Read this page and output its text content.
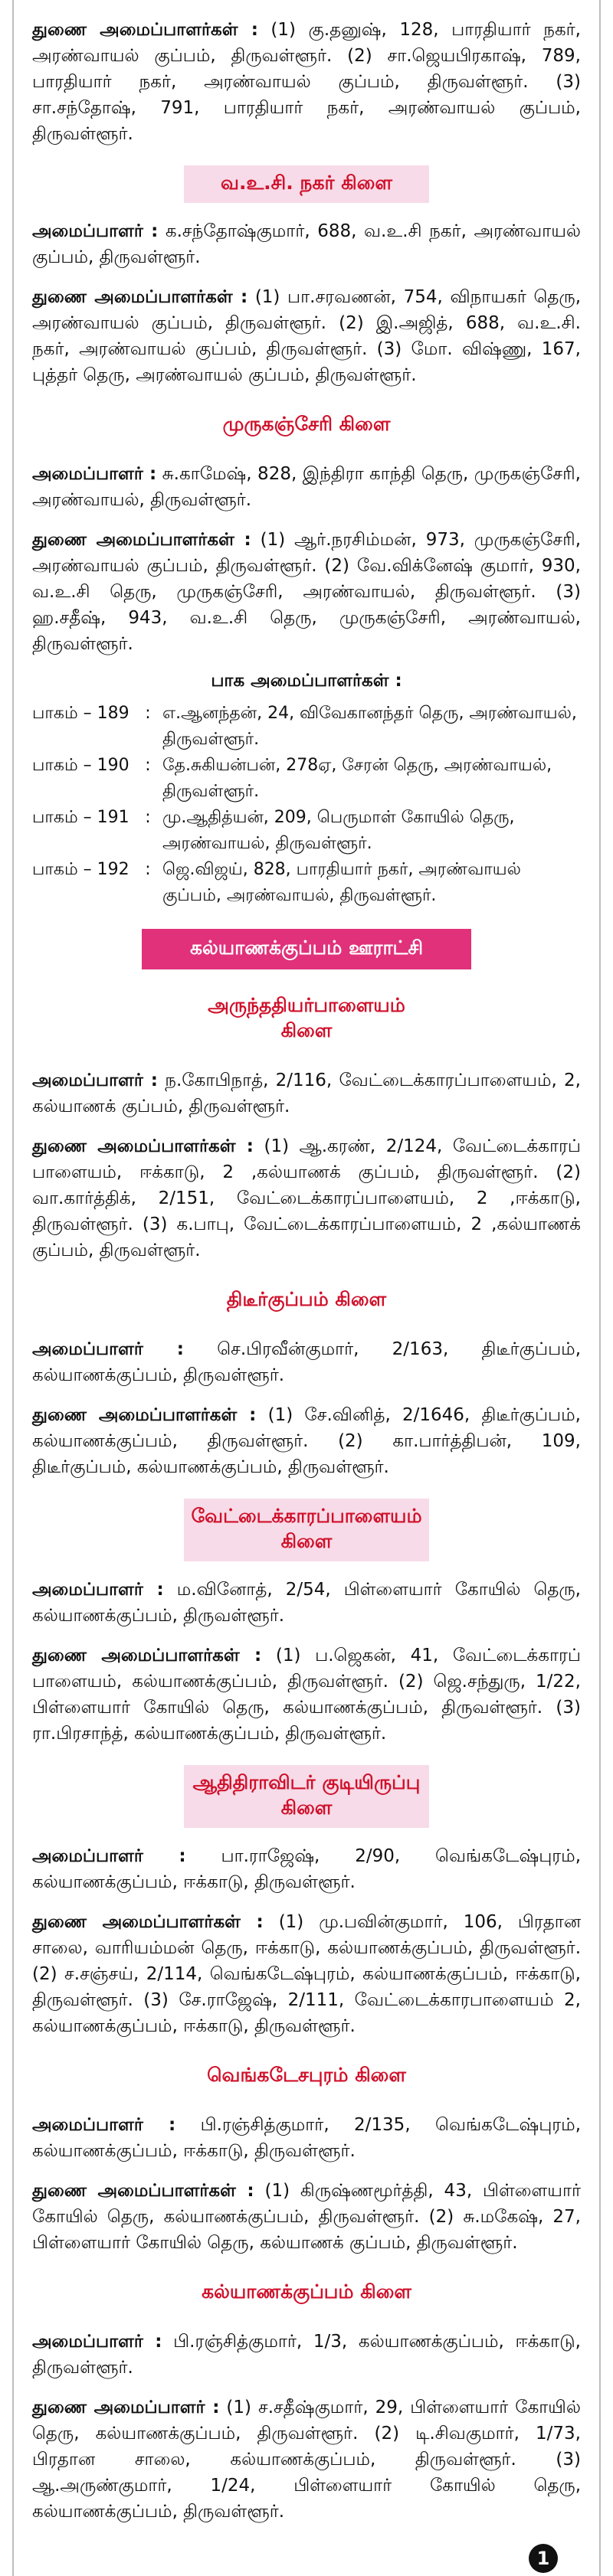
துணை அமைப்பாளர்கள் : (1) கு.தனுஷ், 128, பாரதியார் நகர், அரண்வாயல் குப்பம், திருவள்ளூர். (2) சா.ஜெயபிரகாஷ், 789, பாரதியார் நகர், அரண்வாயல் குப்பம், திருவள்ளூர். (3) சா.சந்தோஷ், 791, பாரதியார் நகர், அரண்வாயல் குப்பம், திருவள்ளூர்.

வ.உ.சி. நகர் கிளை

அமைப்பாளர் : க.சந்தோஷ்குமார், 688, வ.உ.சி நகர், அரண்வாயல் குப்பம், திருவள்ளூர்.

துணை அமைப்பாளர்கள் : (1) பா.சரவணன், 754, விநாயகர் தெரு, அரண்வாயல் குப்பம், திருவள்ளூர். (2) இ.அஜித், 688, வ.உ.சி. நகர், அரண்வாயல் குப்பம், திருவள்ளூர். (3) மோ. விஷ்ணு, 167, புத்தர் தெரு, அரண்வாயல் குப்பம், திருவள்ளூர்.

முருகஞ்சேரி கிளை

அமைப்பாளர் : சு.காமேஷ், 828, இந்திரா காந்தி தெரு, முருகஞ்சேரி, அரண்வாயல், திருவள்ளூர்.

துணை அமைப்பாளர்கள் : (1) ஆர்.நரசிம்மன், 973, முருகஞ்சேரி, அரண்வாயல் குப்பம், திருவள்ளூர். (2) வே.விக்னேஷ் குமார், 930, வ.உ.சி தெரு, முருகஞ்சேரி, அரண்வாயல், திருவள்ளூர். (3) ஹ.சதீஷ், 943, வ.உ.சி தெரு, முருகஞ்சேரி, அரண்வாயல், திருவள்ளூர்.

பாக அமைப்பாளர்கள் :
பாகம் – 189 : எ.ஆனந்தன், 24, விவேகானந்தர் தெரு, அரண்வாயல், திருவள்ளூர்.
பாகம் – 190 : தே.சுகியன்பன், 278ஏ, சேரன் தெரு, அரண்வாயல், திருவள்ளூர்.
பாகம் – 191 : மு.ஆதித்யன், 209, பெருமாள் கோயில் தெரு, அரண்வாயல், திருவள்ளூர்.
பாகம் – 192 : ஜெ.விஜய், 828, பாரதியார் நகர், அரண்வாயல் குப்பம், அரண்வாயல், திருவள்ளூர்.
கல்யாணக்குப்பம் ஊராட்சி
அருந்ததியர்பாளையம் கிளை

அமைப்பாளர் : ந.கோபிநாத், 2/116, வேட்டைக்காரப்பாளையம், 2, கல்யாணக் குப்பம், திருவள்ளூர்.

துணை அமைப்பாளர்கள் : (1) ஆ.கரண், 2/124, வேட்டைக்காரப் பாளையம், ஈக்காடு, 2 ,கல்யாணக் குப்பம், திருவள்ளூர். (2) வா.கார்த்திக், 2/151, வேட்டைக்காரப்பாளையம், 2 ,ஈக்காடு, திருவள்ளூர். (3) க.பாபு, வேட்டைக்காரப்பாளையம், 2 ,கல்யாணக் குப்பம், திருவள்ளூர்.

திடீர்குப்பம் கிளை

அமைப்பாளர் : செ.பிரவீன்குமார், 2/163, திடீர்குப்பம், கல்யாணக்குப்பம், திருவள்ளூர்.

துணை அமைப்பாளர்கள் : (1) சே.வினித், 2/1646, திடீர்குப்பம், கல்யாணக்குப்பம், திருவள்ளூர். (2) கா.பார்த்திபன், 109, திடீர்குப்பம், கல்யாணக்குப்பம், திருவள்ளூர்.

வேட்டைக்காரப்பாளையம் கிளை

அமைப்பாளர் : ம.வினோத், 2/54, பிள்ளையார் கோயில் தெரு, கல்யாணக்குப்பம், திருவள்ளூர்.

துணை அமைப்பாளர்கள் : (1) ப.ஜெகன், 41, வேட்டைக்காரப் பாளையம், கல்யாணக்குப்பம், திருவள்ளூர். (2) ஜெ.சந்துரு, 1/22, பிள்ளையார் கோயில் தெரு, கல்யாணக்குப்பம், திருவள்ளூர். (3) ரா.பிரசாந்த், கல்யாணக்குப்பம், திருவள்ளூர்.

ஆதிதிராவிடர் குடியிருப்பு கிளை

அமைப்பாளர் : பா.ராஜேஷ், 2/90, வெங்கடேஷ்புரம், கல்யாணக்குப்பம், ஈக்காடு, திருவள்ளூர்.

துணை அமைப்பாளர்கள் : (1) மு.பவின்குமார், 106, பிரதான சாலை, வாரியம்மன் தெரு, ஈக்காடு, கல்யாணக்குப்பம், திருவள்ளூர். (2) ச.சஞ்சய், 2/114, வெங்கடேஷ்புரம், கல்யாணக்குப்பம், ஈக்காடு, திருவள்ளூர். (3) சே.ராஜேஷ், 2/111, வேட்டைக்காரபாளையம் 2, கல்யாணக்குப்பம், ஈக்காடு, திருவள்ளூர்.

வெங்கடேசபுரம் கிளை

அமைப்பாளர் : பி.ரஞ்சித்குமார், 2/135, வெங்கடேஷ்புரம், கல்யாணக்குப்பம், ஈக்காடு, திருவள்ளூர்.

துணை அமைப்பாளர்கள் : (1) கிருஷ்ணமூர்த்தி, 43, பிள்ளையார் கோயில் தெரு, கல்யாணக்குப்பம், திருவள்ளூர். (2) சு.மகேஷ், 27, பிள்ளையார் கோயில் தெரு, கல்யாணக் குப்பம், திருவள்ளூர்.

கல்யாணக்குப்பம் கிளை

அமைப்பாளர் : பி.ரஞ்சித்குமார், 1/3, கல்யாணக்குப்பம், ஈக்காடு, திருவள்ளூர்.

துணை அமைப்பாளர் : (1) ச.சதீஷ்குமார், 29, பிள்ளையார் கோயில் தெரு, கல்யாணக்குப்பம், திருவள்ளூர். (2) டி.சிவகுமார், 1/73, பிரதான சாலை, கல்யாணக்குப்பம், திருவள்ளூர். (3) ஆ.அருண்குமார், 1/24, பிள்ளையார் கோயில் தெரு, கல்யாணக்குப்பம், திருவள்ளூர்.

1
